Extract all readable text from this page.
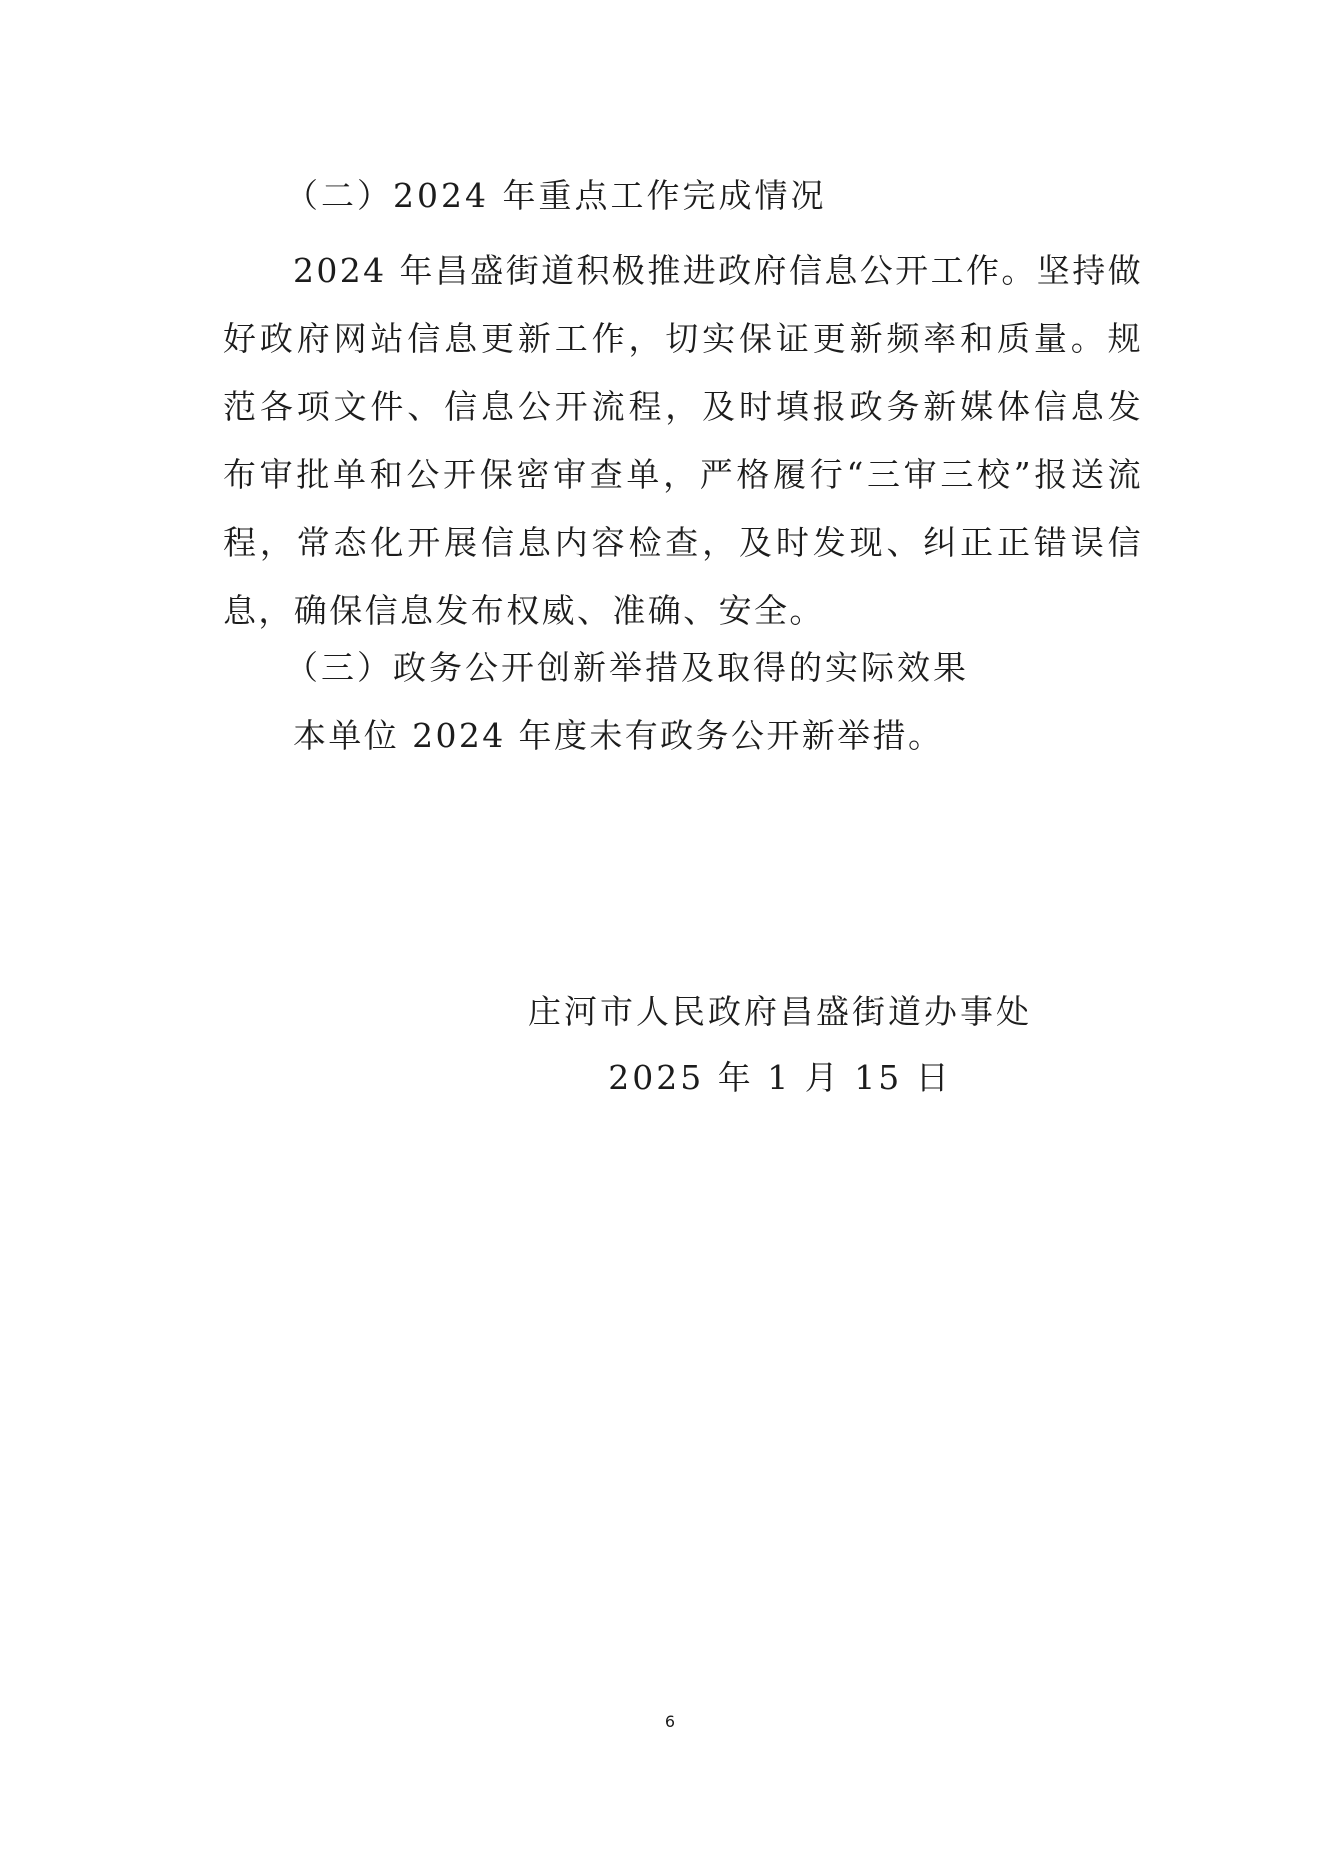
（二）2024 年重点工作完成情况

2024 年昌盛街道积极推进政府信息公开工作。坚持做好政府网站信息更新工作，切实保证更新频率和质量。规范各项文件、信息公开流程，及时填报政务新媒体信息发布审批单和公开保密审查单，严格履行“三审三校”报送流程，常态化开展信息内容检查，及时发现、纠正正错误信息，确保信息发布权威、准确、安全。

（三）政务公开创新举措及取得的实际效果

本单位 2024 年度未有政务公开新举措。

庄河市人民政府昌盛街道办事处
2025 年 1 月 15 日
6
